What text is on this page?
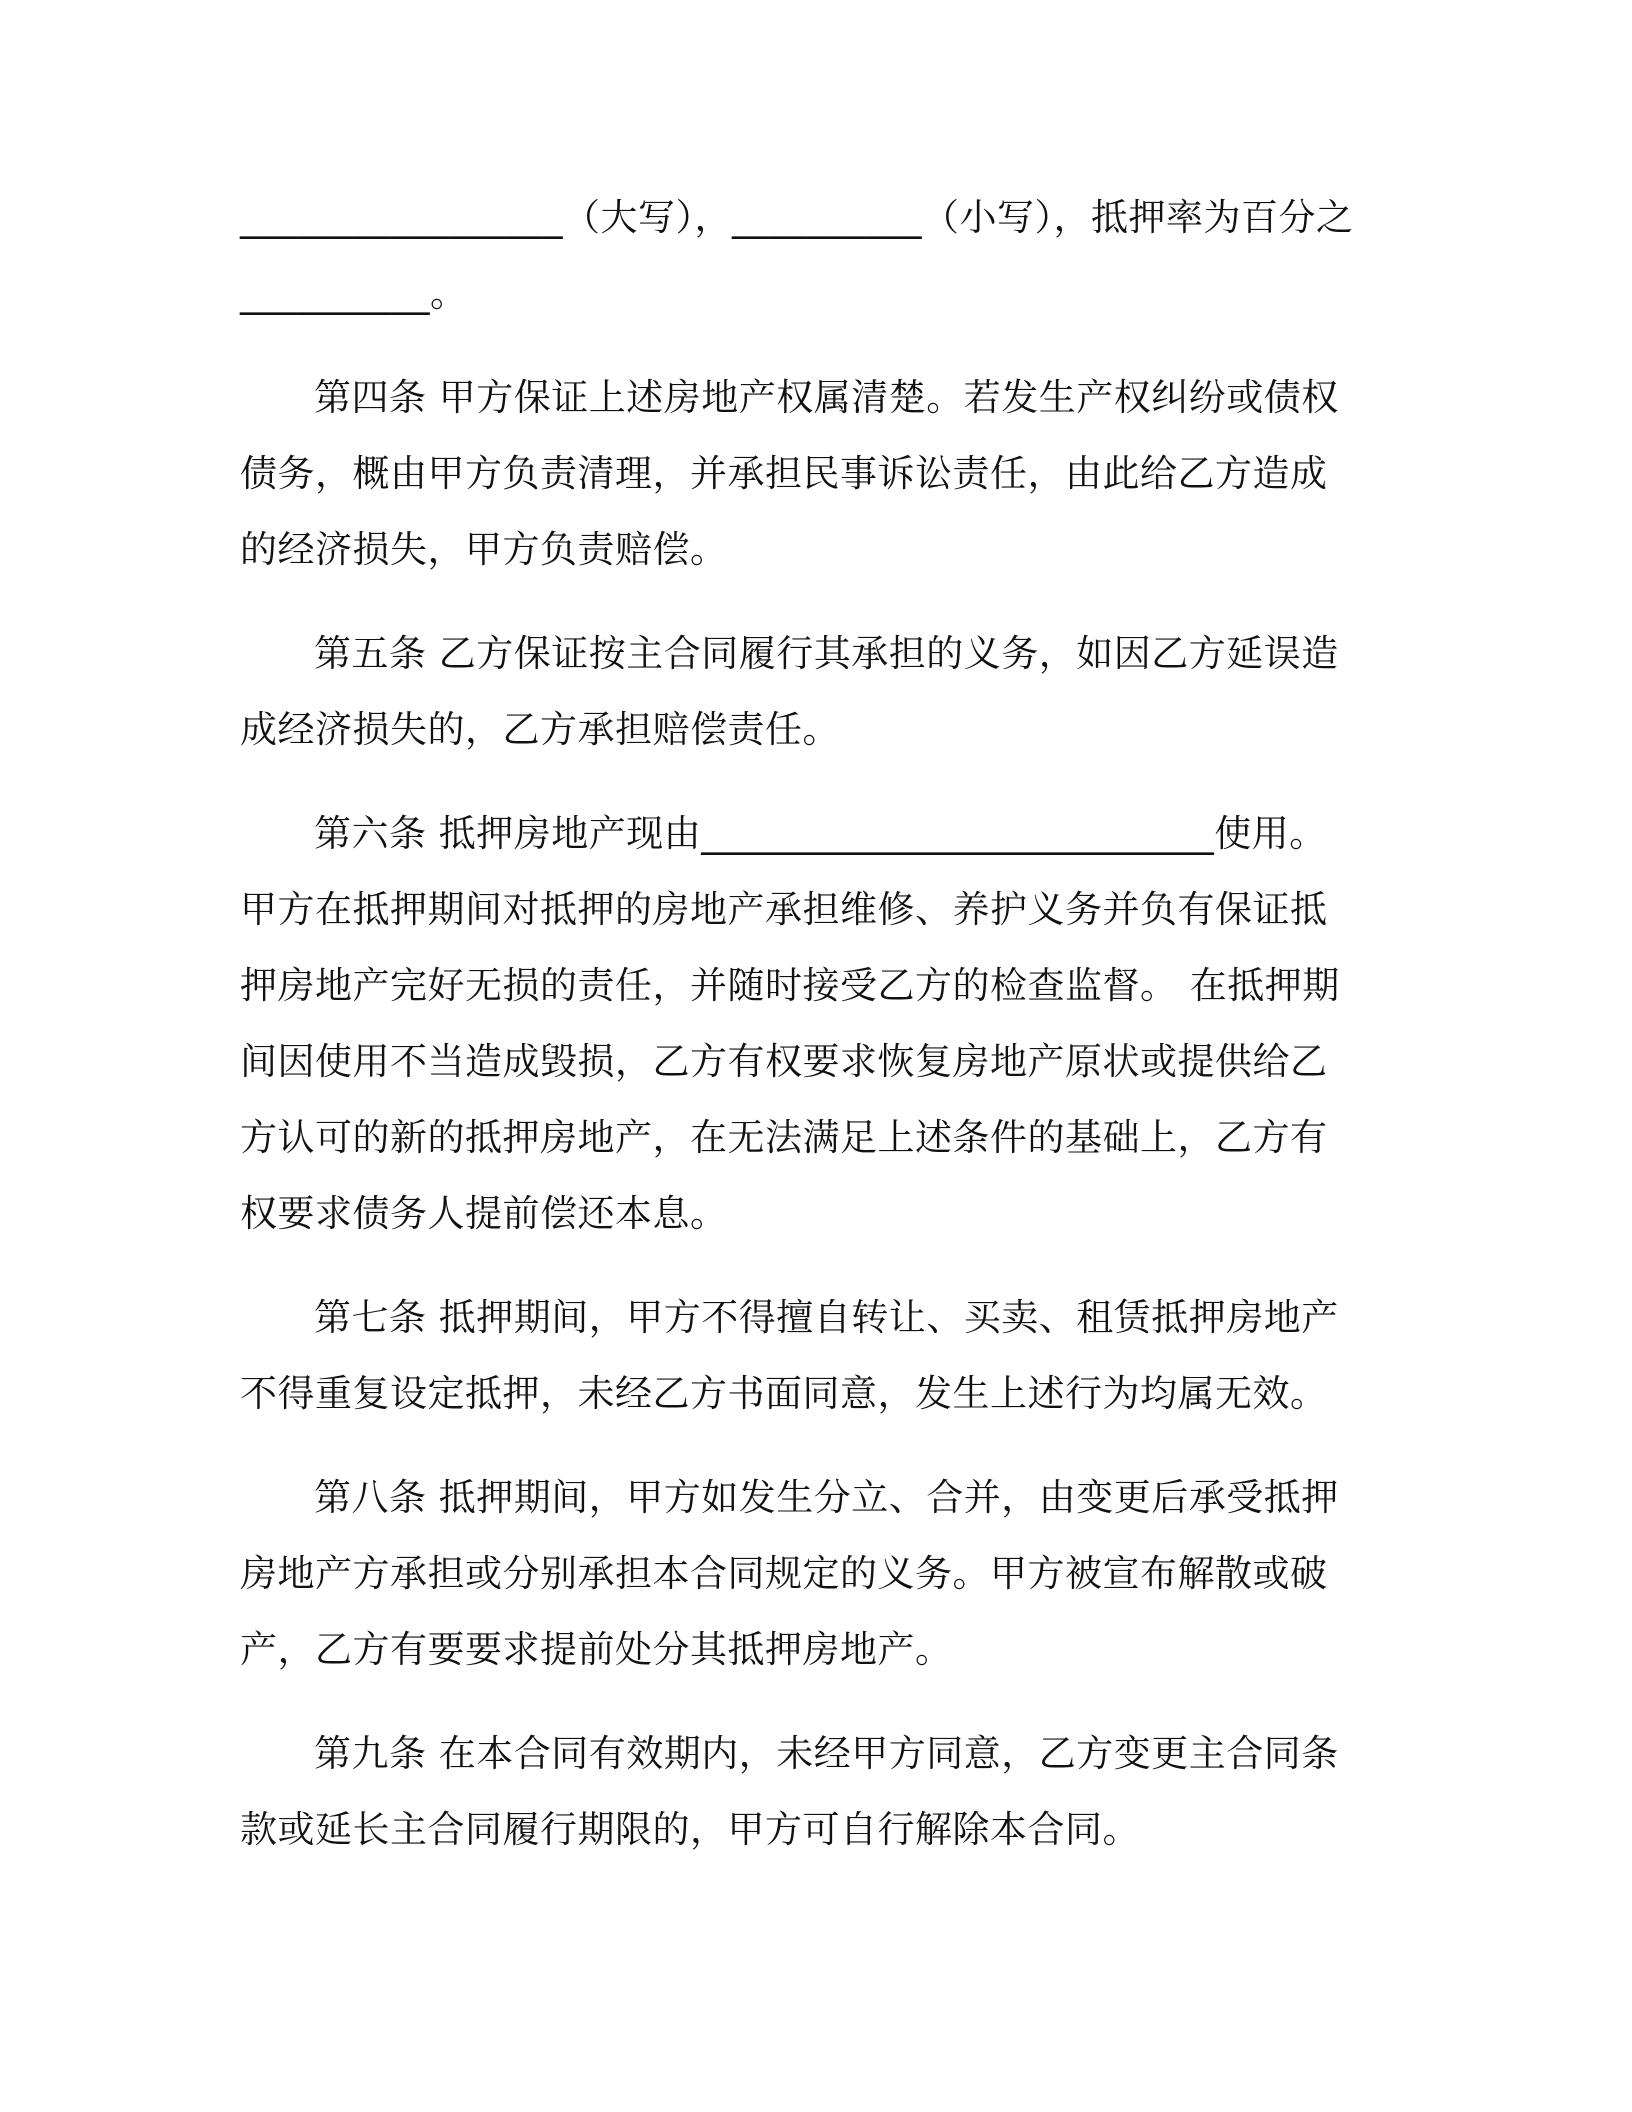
_________________（大写），__________（小写），抵押率为百分之__________。

第四条 甲方保证上述房地产权属清楚。若发生产权纠纷或债权债务，概由甲方负责清理，并承担民事诉讼责任，由此给乙方造成的经济损失，甲方负责赔偿。

第五条 乙方保证按主合同履行其承担的义务，如因乙方延误造成经济损失的，乙方承担赔偿责任。

第六条 抵押房地产现由___________________________使用。甲方在抵押期间对抵押的房地产承担维修、养护义务并负有保证抵押房地产完好无损的责任，并随时接受乙方的检查监督。 在抵押期间因使用不当造成毁损，乙方有权要求恢复房地产原状或提供给乙方认可的新的抵押房地产，在无法满足上述条件的基础上，乙方有权要求债务人提前偿还本息。

第七条 抵押期间，甲方不得擅自转让、买卖、租赁抵押房地产不得重复设定抵押，未经乙方书面同意，发生上述行为均属无效。

第八条 抵押期间，甲方如发生分立、合并，由变更后承受抵押房地产方承担或分别承担本合同规定的义务。甲方被宣布解散或破产，乙方有要要求提前处分其抵押房地产。

第九条 在本合同有效期内，未经甲方同意，乙方变更主合同条款或延长主合同履行期限的，甲方可自行解除本合同。
